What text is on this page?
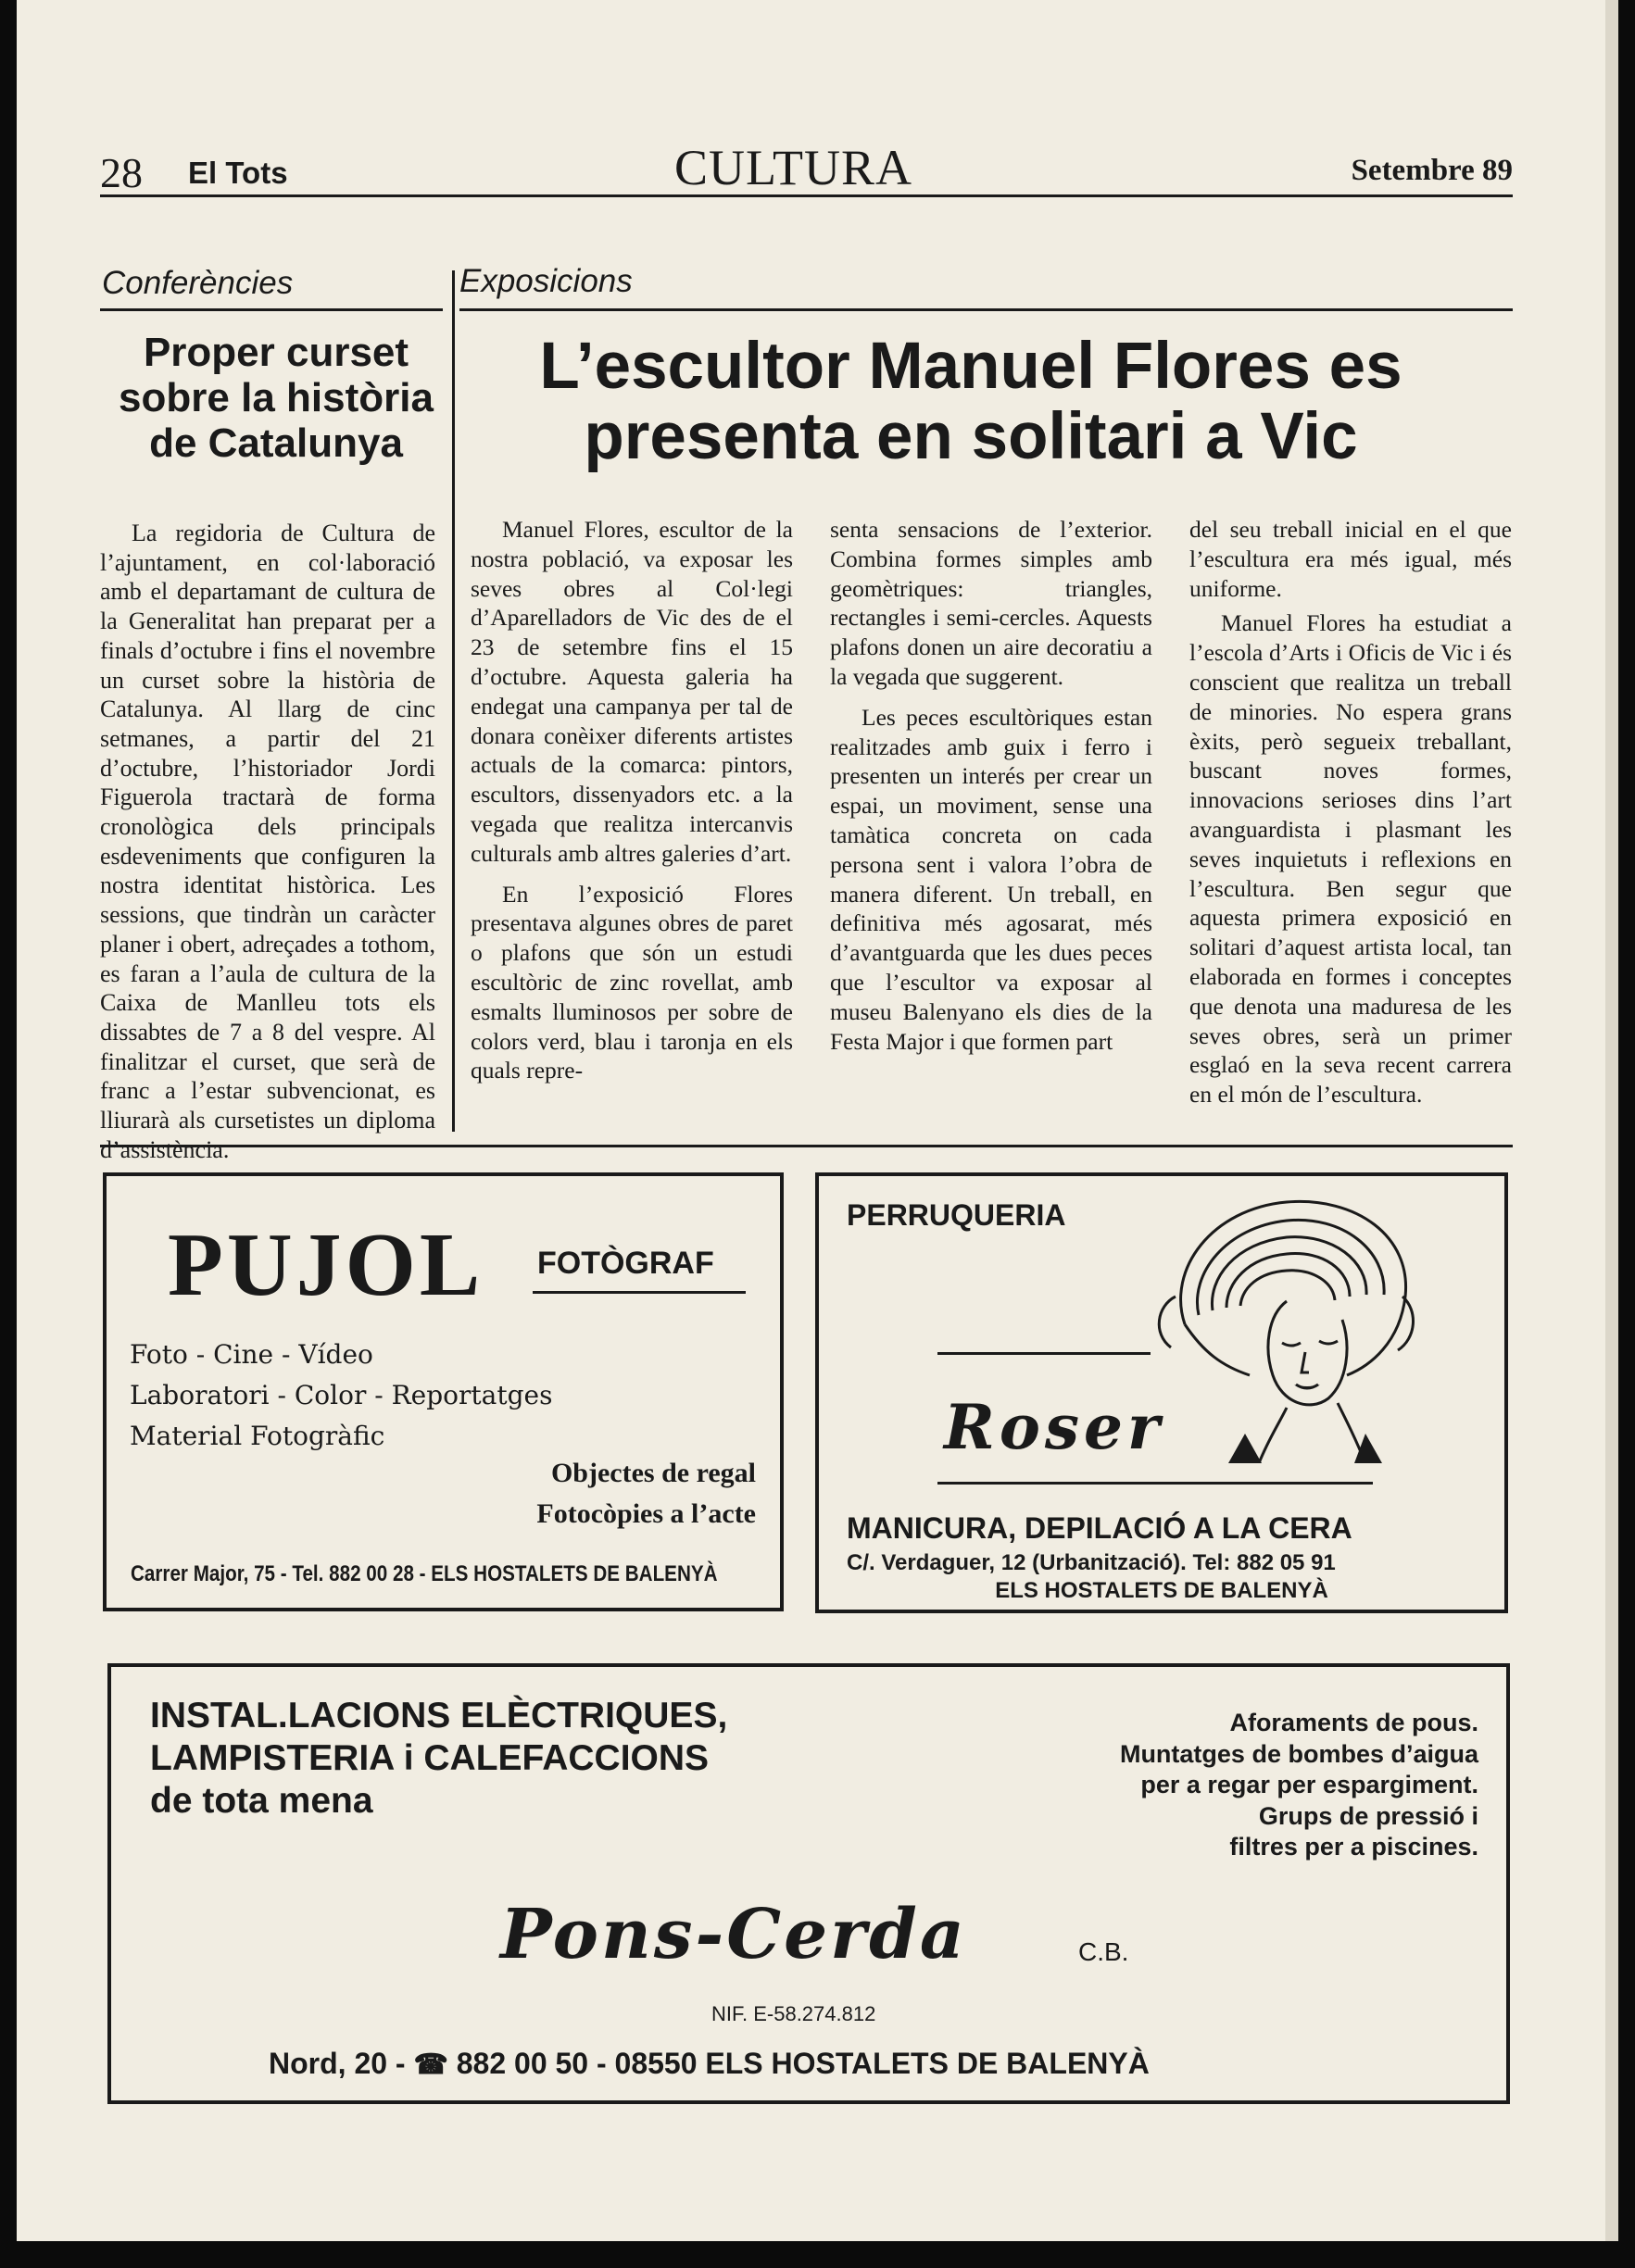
28 El Tots	CULTURA	Setembre 89
Conferències	Exposicions
Proper curset sobre la història de Catalunya
L’escultor Manuel Flores es presenta en solitari a Vic

La regidoria de Cultura de l’ajuntament, en col·laboració amb el departamant de cultura de la Generalitat han preparat per a finals d’octubre i fins el novembre un curset sobre la història de Catalunya. Al llarg de cinc setmanes, a partir del 21 d’octubre, l’historiador Jordi Figuerola tractarà de forma cronològica dels principals esdeveniments que configuren la nostra identitat històrica. Les sessions, que tindràn un caràcter planer i obert, adreçades a tothom, es faran a l’aula de cultura de la Caixa de Manlleu tots els dissabtes de 7 a 8 del vespre. Al finalitzar el curset, que serà de franc a l’estar subvencionat, es lliurarà als cursetistes un diploma d’assistència.

Manuel Flores, escultor de la nostra població, va exposar les seves obres al Col·legi d’Aparelladors de Vic des de el 23 de setembre fins el 15 d’octubre. Aquesta galeria ha endegat una campanya per tal de donara conèixer diferents artistes actuals de la comarca: pintors, escultors, dissenyadors etc. a la vegada que realitza intercanvis culturals amb altres galeries d’art.

En l’exposició Flores presentava algunes obres de paret o plafons que són un estudi escultòric de zinc rovellat, amb esmalts lluminosos per sobre de colors verd, blau i taronja en els quals repre-

senta sensacions de l’exterior. Combina formes simples amb geomètriques: triangles, rectangles i semi-cercles. Aquests plafons donen un aire decoratiu a la vegada que suggerent.

Les peces escultòriques estan realitzades amb guix i ferro i presenten un interés per crear un espai, un moviment, sense una tamàtica concreta on cada persona sent i valora l’obra de manera diferent. Un treball, en definitiva més agosarat, més d’avantguarda que les dues peces que l’escultor va exposar al museu Balenyano els dies de la Festa Major i que formen part

del seu treball inicial en el que l’escultura era més igual, més uniforme.

Manuel Flores ha estudiat a l’escola d’Arts i Oficis de Vic i és conscient que realitza un treball de minories. No espera grans èxits, però segueix treballant, buscant noves formes, innovacions serioses dins l’art avanguardista i plasmant les seves inquietuts i reflexions en l’escultura. Ben segur que aquesta primera exposició en solitari d’aquest artista local, tan elaborada en formes i conceptes que denota una maduresa de les seves obres, serà un primer esglaó en la seva recent carrera en el món de l’escultura.

PUJOL FOTÒGRAF
Foto - Cine - Vídeo
Laboratori - Color - Reportatges
Material Fotogràfic
Objectes de regal
Fotocòpies a l’acte
Carrer Major, 75 - Tel. 882 00 28 - ELS HOSTALETS DE BALENYÀ
PERRUQUERIA
Roser
MANICURA, DEPILACIÓ A LA CERA
C/. Verdaguer, 12 (Urbanització). Tel: 882 05 91
ELS HOSTALETS DE BALENYÀ
INSTAL.LACIONS ELÈCTRIQUES,
LAMPISTERIA i CALEFACCIONS
de tota mena
Aforaments de pous.
Muntatges de bombes d’aigua
per a regar per espargiment.
Grups de pressió i
filtres per a piscines.
Pons-Cerda	C.B.
NIF. E-58.274.812
Nord, 20 - ☎ 882 00 50 - 08550 ELS HOSTALETS DE BALENYÀ
